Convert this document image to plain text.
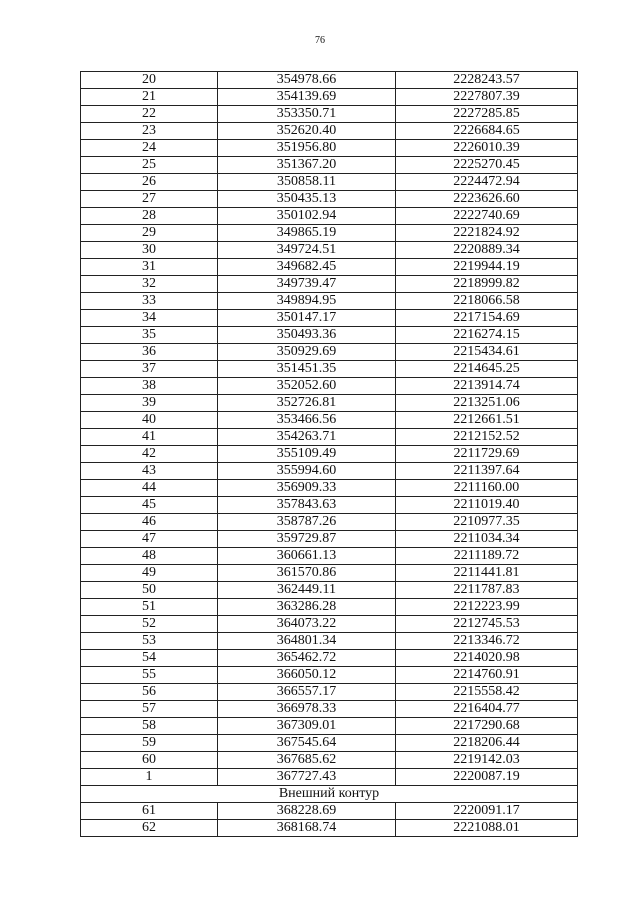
76
20	354978.66	2228243.57
21	354139.69	2227807.39
22	353350.71	2227285.85
23	352620.40	2226684.65
24	351956.80	2226010.39
25	351367.20	2225270.45
26	350858.11	2224472.94
27	350435.13	2223626.60
28	350102.94	2222740.69
29	349865.19	2221824.92
30	349724.51	2220889.34
31	349682.45	2219944.19
32	349739.47	2218999.82
33	349894.95	2218066.58
34	350147.17	2217154.69
35	350493.36	2216274.15
36	350929.69	2215434.61
37	351451.35	2214645.25
38	352052.60	2213914.74
39	352726.81	2213251.06
40	353466.56	2212661.51
41	354263.71	2212152.52
42	355109.49	2211729.69
43	355994.60	2211397.64
44	356909.33	2211160.00
45	357843.63	2211019.40
46	358787.26	2210977.35
47	359729.87	2211034.34
48	360661.13	2211189.72
49	361570.86	2211441.81
50	362449.11	2211787.83
51	363286.28	2212223.99
52	364073.22	2212745.53
53	364801.34	2213346.72
54	365462.72	2214020.98
55	366050.12	2214760.91
56	366557.17	2215558.42
57	366978.33	2216404.77
58	367309.01	2217290.68
59	367545.64	2218206.44
60	367685.62	2219142.03
1	367727.43	2220087.19
Внешний контур		
61	368228.69	2220091.17
62	368168.74	2221088.01
